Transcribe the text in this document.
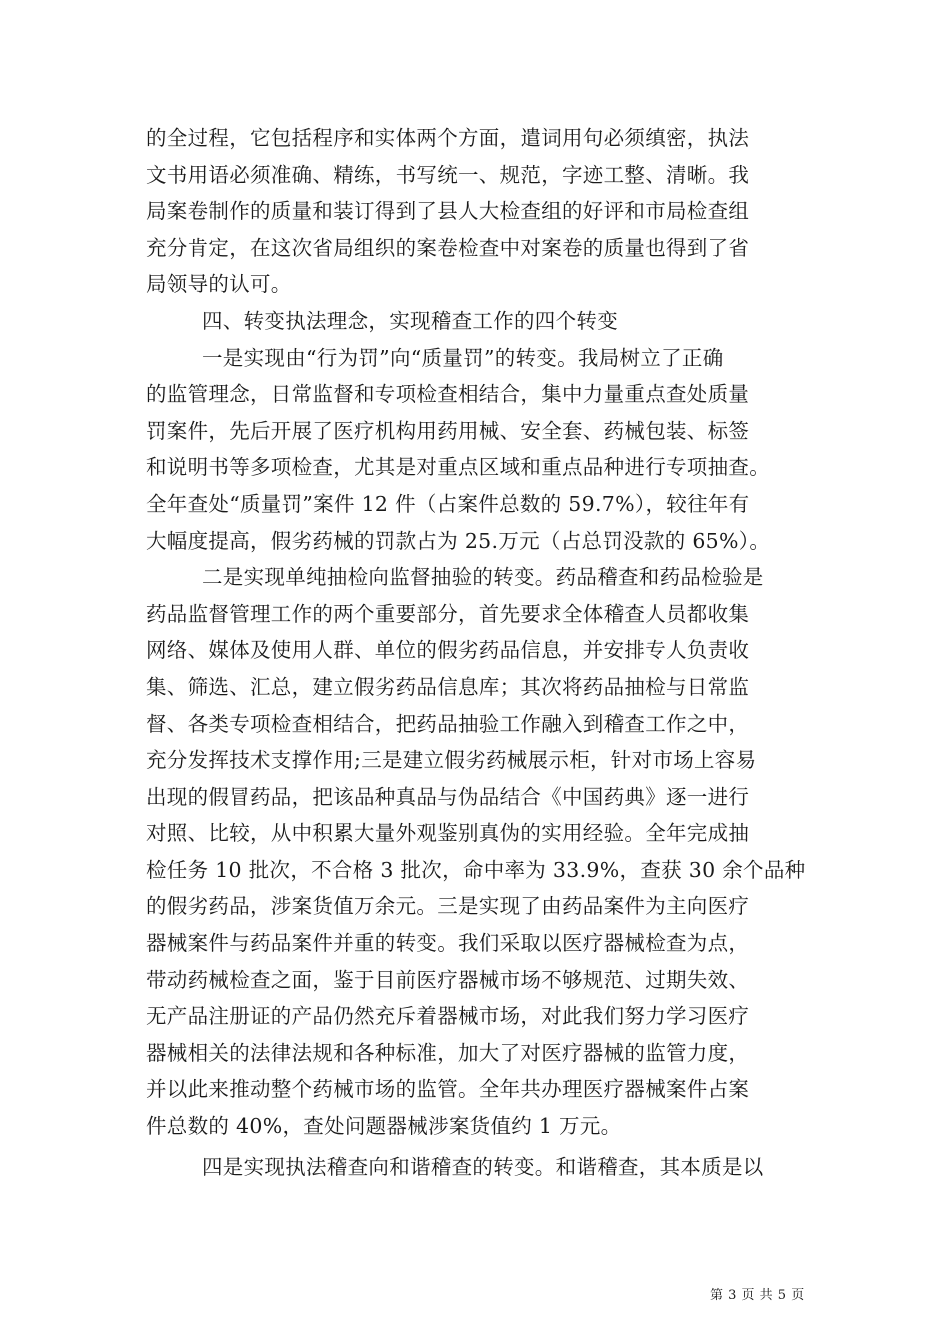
的全过程，它包括程序和实体两个方面，遣词用句必须缜密，执法
文书用语必须准确、精练，书写统一、规范，字迹工整、清晰。我
局案卷制作的质量和装订得到了县人大检查组的好评和市局检查组
充分肯定，在这次省局组织的案卷检查中对案卷的质量也得到了省
局领导的认可。
四、转变执法理念，实现稽查工作的四个转变
一是实现由“行为罚”向“质量罚”的转变。我局树立了正确
的监管理念，日常监督和专项检查相结合，集中力量重点查处质量
罚案件，先后开展了医疗机构用药用械、安全套、药械包装、标签
和说明书等多项检查，尤其是对重点区域和重点品种进行专项抽查。
全年查处“质量罚”案件 12 件（占案件总数的 59.7%），较往年有
大幅度提高，假劣药械的罚款占为 25.万元（占总罚没款的 65%）。
二是实现单纯抽检向监督抽验的转变。药品稽查和药品检验是
药品监督管理工作的两个重要部分，首先要求全体稽查人员都收集
网络、媒体及使用人群、单位的假劣药品信息，并安排专人负责收
集、筛选、汇总，建立假劣药品信息库；其次将药品抽检与日常监
督、各类专项检查相结合，把药品抽验工作融入到稽查工作之中，
充分发挥技术支撑作用;三是建立假劣药械展示柜，针对市场上容易
出现的假冒药品，把该品种真品与伪品结合《中国药典》逐一进行
对照、比较，从中积累大量外观鉴别真伪的实用经验。全年完成抽
检任务 10 批次，不合格 3 批次，命中率为 33.9%，查获 30 余个品种
的假劣药品，涉案货值万余元。三是实现了由药品案件为主向医疗
器械案件与药品案件并重的转变。我们采取以医疗器械检查为点，
带动药械检查之面，鉴于目前医疗器械市场不够规范、过期失效、
无产品注册证的产品仍然充斥着器械市场，对此我们努力学习医疗
器械相关的法律法规和各种标准，加大了对医疗器械的监管力度，
并以此来推动整个药械市场的监管。全年共办理医疗器械案件占案
件总数的 40%，查处问题器械涉案货值约 1 万元。
四是实现执法稽查向和谐稽查的转变。和谐稽查，其本质是以
第 3 页 共 5 页
